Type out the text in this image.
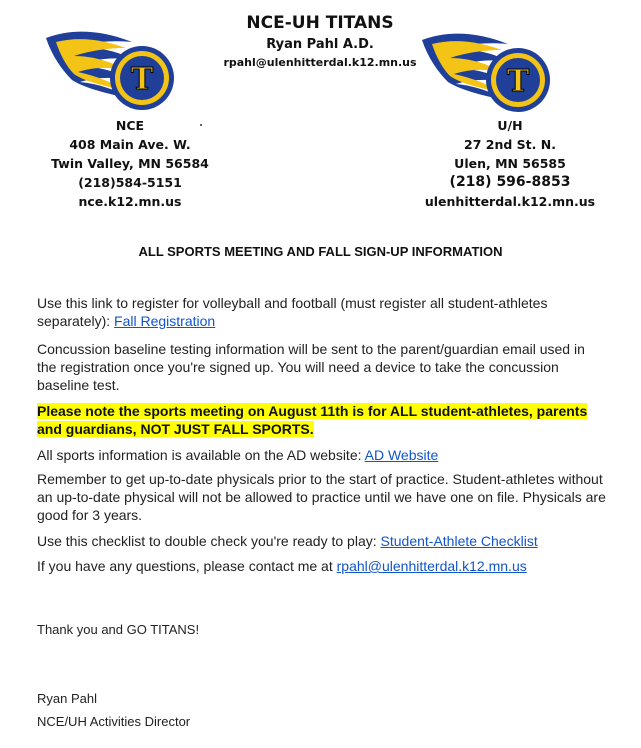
T	T
NCE-UH TITANS
Ryan Pahl A.D.
rpahl@ulenhitterdal.k12.mn.us
NCE
408 Main Ave. W.
Twin Valley, MN 56584
(218)584-5151
nce.k12.mn.us
U/H
27 2nd St. N.
Ulen, MN 56585
(218) 596-8853
ulenhitterdal.k12.mn.us
ALL SPORTS MEETING AND FALL SIGN-UP INFORMATION
Use this link to register for volleyball and football (must register all student-athletes separately): Fall Registration
Concussion baseline testing information will be sent to the parent/guardian email used in the registration once you're signed up. You will need a device to take the concussion baseline test.
Please note the sports meeting on August 11th is for ALL student-athletes, parents and guardians, NOT JUST FALL SPORTS.
All sports information is available on the AD website: AD Website
Remember to get up-to-date physicals prior to the start of practice. Student-athletes without an up-to-date physical will not be allowed to practice until we have one on file. Physicals are good for 3 years.
Use this checklist to double check you're ready to play: Student-Athlete Checklist
If you have any questions, please contact me at rpahl@ulenhitterdal.k12.mn.us
Thank you and GO TITANS!
Ryan Pahl
NCE/UH Activities Director
